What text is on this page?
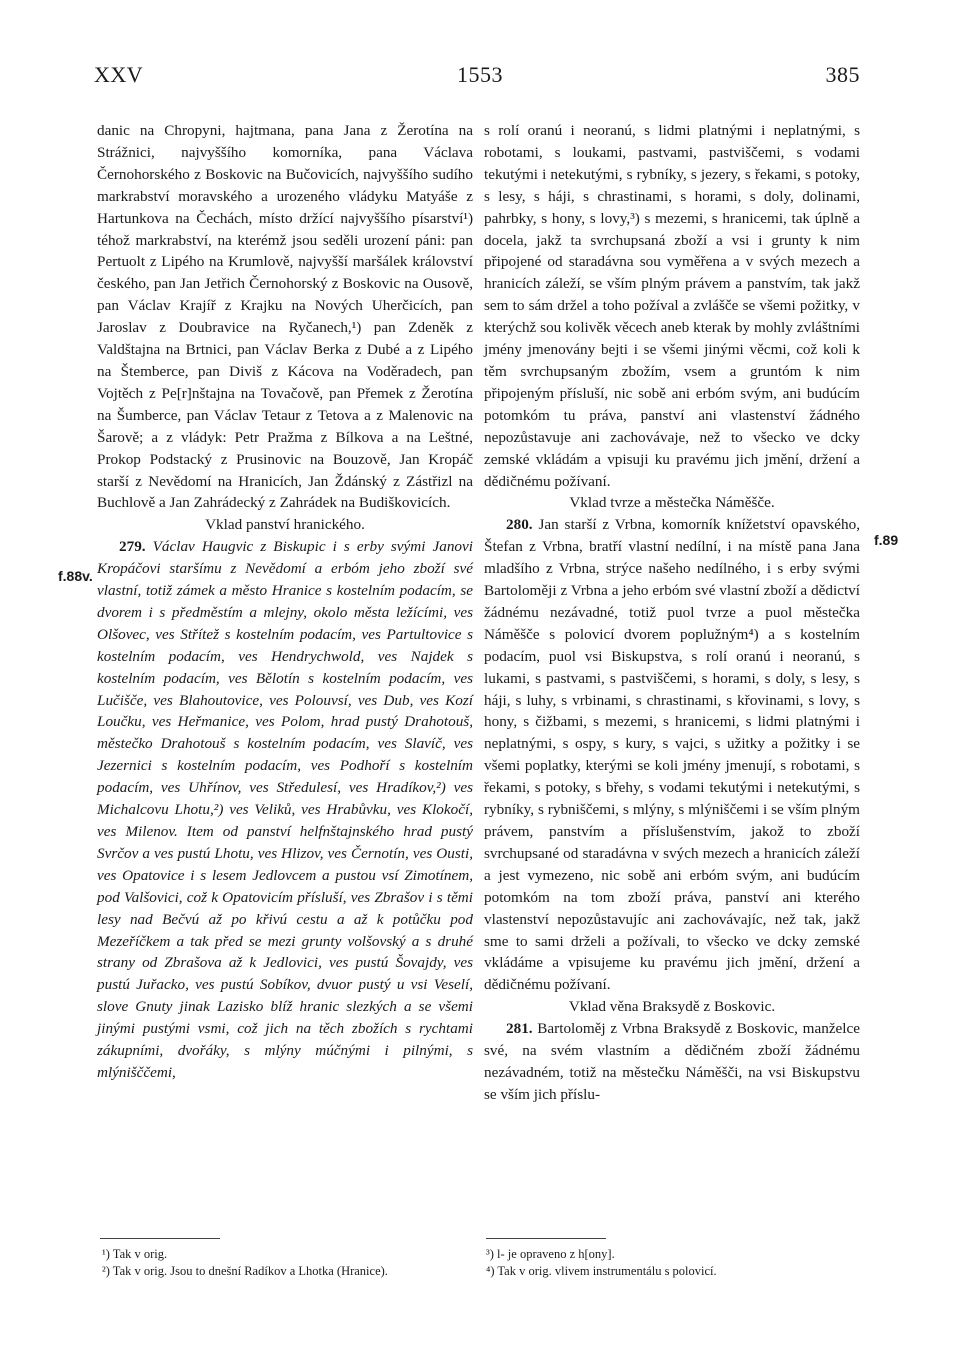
XXV	1553	385
f.88v.
f.89

danic na Chropyni, hajtmana, pana Jana z Žerotína na Strážnici, najvyššího komorníka, pana Václava Černohorského z Boskovic na Bučovicích, najvyššího sudího markrabství moravského a urozeného vládyku Matyáše z Hartunkova na Čechách, místo držící najvyššího písarství¹) téhož markrabství, na kterémž jsou seděli urození páni: pan Pertuolt z Lipého na Krumlově, najvyšší maršálek království českého, pan Jan Jetřich Černohorský z Boskovic na Ousově, pan Václav Krajíř z Krajku na Nových Uherčicích, pan Jaroslav z Doubravice na Ryčanech,¹) pan Zdeněk z Valdštajna na Brtnici, pan Václav Berka z Dubé a z Lipého na Štemberce, pan Diviš z Kácova na Voděradech, pan Vojtěch z Pe[r]nštajna na Tovačově, pan Přemek z Žerotína na Šumberce, pan Václav Tetaur z Tetova a z Malenovic na Šarově; a z vládyk: Petr Pražma z Bílkova a na Leštné, Prokop Podstacký z Prusinovic na Bouzově, Jan Kropáč starší z Nevědomí na Hranicích, Jan Ždánský z Zástřizl na Buchlově a Jan Zahrádecký z Zahrádek na Budiškovicích.

Vklad panství hranického.

279. Václav Haugvic z Biskupic i s erby svými Janovi Kropáčovi staršímu z Nevědomí a erbóm jeho zboží své vlastní, totiž zámek a město Hranice s kostelním podacím, se dvorem i s předměstím a mlejny, okolo města ležícími, ves Olšovec, ves Střítež s kostelním podacím, ves Partultovice s kostelním podacím, ves Hendrychwold, ves Najdek s kostelním podacím, ves Bělotín s kostelním podacím, ves Lučišče, ves Blahoutovice, ves Polouvsí, ves Dub, ves Kozí Loučku, ves Heřmanice, ves Polom, hrad pustý Drahotouš, městečko Drahotouš s kostelním podacím, ves Slavíč, ves Jezernici s kostelním podacím, ves Podhoří s kostelním podacím, ves Uhřínov, ves Středulesí, ves Hradíkov,²) ves Michalcovu Lhotu,²) ves Veliků, ves Hrabůvku, ves Klokočí, ves Milenov. Item od panství helfnštajnského hrad pustý Svrčov a ves pustú Lhotu, ves Hlizov, ves Černotín, ves Ousti, ves Opatovice i s lesem Jedlovcem a pustou vsí Zimotínem, pod Valšovici, což k Opatovicím přísluší, ves Zbrašov i s těmi lesy nad Bečvú až po křivú cestu a až k potůčku pod Mezeříčkem a tak před se mezi grunty volšovský a s druhé strany od Zbrašova až k Jedlovici, ves pustú Šovajdy, ves pustú Juřacko, ves pustú Sobíkov, dvuor pustý u vsi Veselí, slove Gnuty jinak Lazisko blíž hranic slezkých a se všemi jinými pustými vsmi, což jich na těch zbožích s rychtami zákupními, dvořáky, s mlýny múčnými i pilnými, s mlýnišččemi,

s rolí oranú i neoranú, s lidmi platnými i neplatnými, s robotami, s loukami, pastvami, pastviščemi, s vodami tekutými i netekutými, s rybníky, s jezery, s řekami, s potoky, s lesy, s háji, s chrastinami, s horami, s doly, dolinami, pahrbky, s hony, s lovy,³) s mezemi, s hranicemi, tak úplně a docela, jakž ta svrchupsaná zboží a vsi i grunty k nim připojené od staradávna sou vyměřena a v svých mezech a hranicích záleží, se vším plným právem a panstvím, tak jakž sem to sám držel a toho požíval a zvlášče se všemi požitky, v kterýchž sou kolivěk věcech aneb kterak by mohly zvláštními jmény jmenovány bejti i se všemi jinými věcmi, což koli k těm svrchupsaným zbožím, vsem a gruntóm k nim připojeným přísluší, nic sobě ani erbóm svým, ani budúcím potomkóm tu práva, panství ani vlastenství žádného nepozůstavuje ani zachovávaje, než to všecko ve dcky zemské vkládám a vpisuji ku pravému jich jmění, držení a dědičnému požívaní.

Vklad tvrze a městečka Náměšče.

280. Jan starší z Vrbna, komorník knížetství opavského, Štefan z Vrbna, bratří vlastní nedílní, i na místě pana Jana mladšího z Vrbna, strýce našeho nedílného, i s erby svými Bartoloměji z Vrbna a jeho erbóm své vlastní zboží a dědictví žádnému nezávadné, totiž puol tvrze a puol městečka Náměšče s polovicí dvorem poplužným⁴) a s kostelním podacím, puol vsi Biskupstva, s rolí oranú i neoranú, s lukami, s pastvami, s pastviščemi, s horami, s doly, s lesy, s háji, s luhy, s vrbinami, s chrastinami, s křovinami, s lovy, s hony, s čižbami, s mezemi, s hranicemi, s lidmi platnými i neplatnými, s ospy, s kury, s vajci, s užitky a požitky i se všemi poplatky, kterými se koli jmény jmenují, s robotami, s řekami, s potoky, s břehy, s vodami tekutými i netekutými, s rybníky, s rybniščemi, s mlýny, s mlýniščemi i se vším plným právem, panstvím a příslušenstvím, jakož to zboží svrchupsané od staradávna v svých mezech a hranicích záleží a jest vymezeno, nic sobě ani erbóm svým, ani budúcím potomkóm na tom zboží práva, panství ani kterého vlastenství nepozůstavujíc ani zachovávajíc, než tak, jakž sme to sami drželi a požívali, to všecko ve dcky zemské vkládáme a vpisujeme ku pravému jich jmění, držení a dědičnému požívaní.

Vklad věna Braksydě z Boskovic.

281. Bartoloměj z Vrbna Braksydě z Boskovic, manželce své, na svém vlastním a dědičném zboží žádnému nezávadném, totiž na městečku Náměšči, na vsi Biskupstvu se vším jich příslu-

¹) Tak v orig.

²) Tak v orig. Jsou to dnešní Radíkov a Lhotka (Hranice).

³) l- je opraveno z h[ony].

⁴) Tak v orig. vlivem instrumentálu s polovicí.
